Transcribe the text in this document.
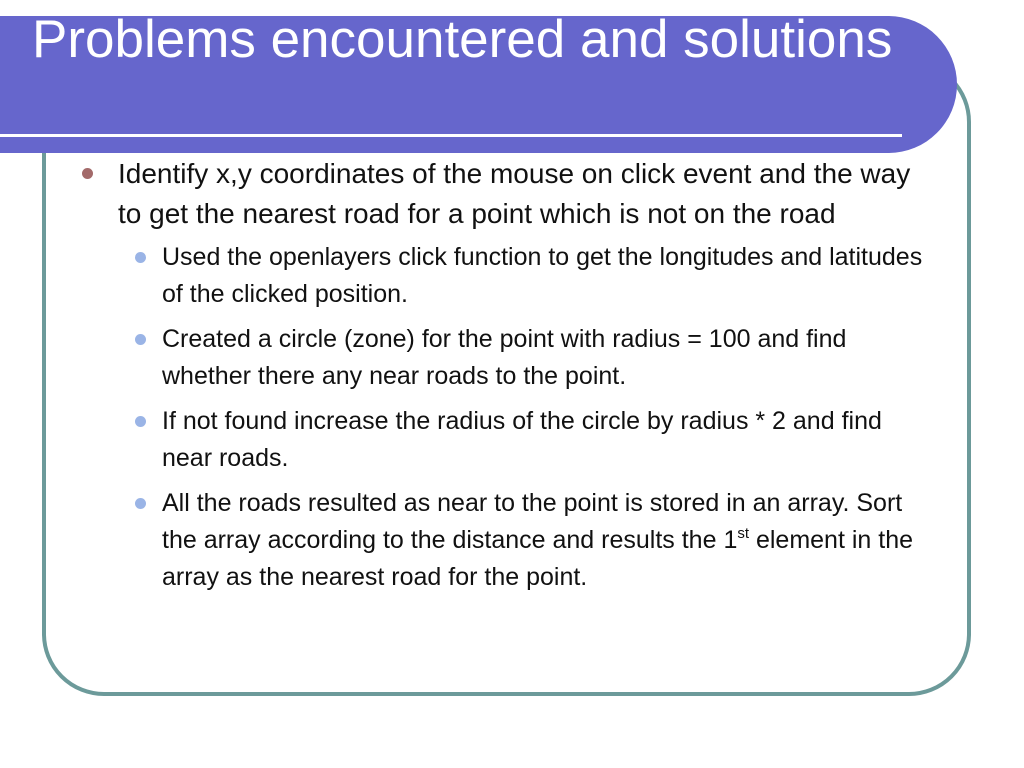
Problems encountered and solutions
Identify x,y coordinates of the mouse on click event and the way to get the nearest road for a point which is not on the road
Used the openlayers click function to get the longitudes and latitudes of the clicked position.
Created a circle (zone) for the point with radius = 100 and find whether there any near roads to the point.
If not found increase the radius of the circle by radius * 2 and find near roads.
All the roads resulted as near to the point is stored in an array. Sort the array according to the distance and results the 1st element in the array as the nearest road for the point.
